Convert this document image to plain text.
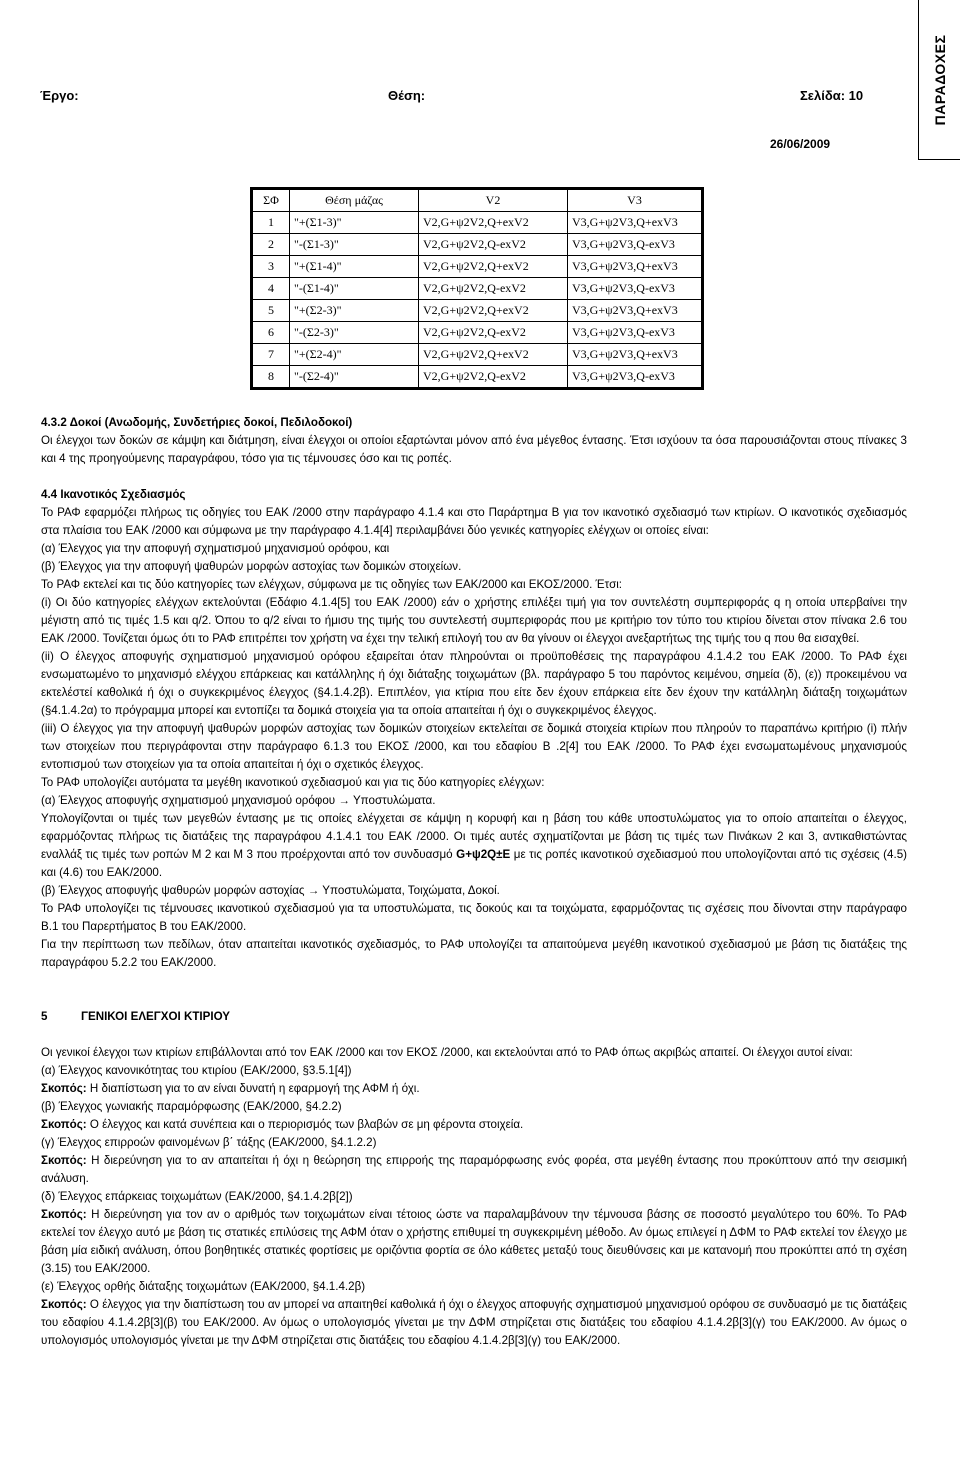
ΠΑΡΑΔΟΧΕΣ
Έργο:	Θέση:	Σελίδα: 10
26/06/2009
ΣΦ	Θέση μάζας	V2	V3
1	"+(Σ1-3)"	V2,G+ψ2V2,Q+exV2	V3,G+ψ2V3,Q+exV3
2	"-(Σ1-3)"	V2,G+ψ2V2,Q-exV2	V3,G+ψ2V3,Q-exV3
3	"+(Σ1-4)"	V2,G+ψ2V2,Q+exV2	V3,G+ψ2V3,Q+exV3
4	"-(Σ1-4)"	V2,G+ψ2V2,Q-exV2	V3,G+ψ2V3,Q-exV3
5	"+(Σ2-3)"	V2,G+ψ2V2,Q+exV2	V3,G+ψ2V3,Q+exV3
6	"-(Σ2-3)"	V2,G+ψ2V2,Q-exV2	V3,G+ψ2V3,Q-exV3
7	"+(Σ2-4)"	V2,G+ψ2V2,Q+exV2	V3,G+ψ2V3,Q+exV3
8	"-(Σ2-4)"	V2,G+ψ2V2,Q-exV2	V3,G+ψ2V3,Q-exV3
4.3.2 Δοκοί (Ανωδομής, Συνδετήριες δοκοί, Πεδιλοδοκοί)

Οι έλεγχοι των δοκών σε κάμψη και διάτμηση, είναι έλεγχοι οι οποίοι εξαρτώνται μόνον από ένα μέγεθος έντασης. Έτσι ισχύουν τα όσα παρουσιάζονται στους πίνακες 3 και 4 της προηγούμενης παραγράφου, τόσο για τις τέμνουσες όσο και τις ροπές.

4.4 Ικανοτικός Σχεδιασμός

Το ΡΑΦ εφαρμόζει πλήρως τις οδηγίες του ΕΑΚ /2000 στην παράγραφο 4.1.4 και στο Παράρτημα Β για τον ικανοτικό σχεδιασμό των κτιρίων. Ο ικανοτικός σχεδιασμός στα πλαίσια του ΕΑΚ /2000 και σύμφωνα με την παράγραφο 4.1.4[4] περιλαμβάνει δύο γενικές κατηγορίες ελέγχων οι οποίες είναι:

(α) Έλεγχος για την αποφυγή σχηματισμού μηχανισμού ορόφου, και

(β) Έλεγχος για την αποφυγή ψαθυρών μορφών αστοχίας των δομικών στοιχείων.

Το ΡΑΦ εκτελεί και τις δύο κατηγορίες των ελέγχων, σύμφωνα με τις οδηγίες των ΕΑΚ/2000 και ΕΚΟΣ/2000. Έτσι:

(i) Οι δύο κατηγορίες ελέγχων εκτελούνται (Εδάφιο 4.1.4[5] του ΕΑΚ /2000) εάν ο χρήστης επιλέξει τιμή για τον συντελέστη συμπεριφοράς q η οποία υπερβαίνει την μέγιστη από τις τιμές 1.5 και q/2. Όπου το q/2 είναι το ήμισυ της τιμής του συντελεστή συμπεριφοράς που με κριτήριο τον τύπο του κτιρίου δίνεται στον πίνακα 2.6 του ΕΑΚ /2000. Τονίζεται όμως ότι το ΡΑΦ επιτρέπει τον χρήστη να έχει την τελική επιλογή του αν θα γίνουν οι έλεγχοι ανεξαρτήτως της τιμής του q που θα εισαχθεί.

(ii) Ο έλεγχος αποφυγής σχηματισμού μηχανισμού ορόφου εξαιρείται όταν πληρούνται οι προϋποθέσεις της παραγράφου 4.1.4.2 του ΕΑΚ /2000. Το ΡΑΦ έχει ενσωματωμένο το μηχανισμό ελέγχου επάρκειας και κατάλληλης ή όχι διάταξης τοιχωμάτων (βλ. παράγραφο 5 του παρόντος κειμένου, σημεία (δ), (ε)) προκειμένου να εκτελέστεί καθολικά ή όχι ο συγκεκριμένος έλεγχος (§4.1.4.2β). Επιπλέον, για κτίρια που είτε δεν έχουν επάρκεια είτε δεν έχουν την κατάλληλη διάταξη τοιχωμάτων (§4.1.4.2α) το πρόγραμμα μπορεί και εντοπίζει τα δομικά στοιχεία για τα οποία απαιτείται ή όχι ο συγκεκριμένος έλεγχος.

(iii) Ο έλεγχος για την αποφυγή ψαθυρών μορφών αστοχίας των δομικών στοιχείων εκτελείται σε δομικά στοιχεία κτιρίων που πληρούν το παραπάνω κριτήριο (i) πλήν των στοιχείων που περιγράφονται στην παράγραφο 6.1.3 του ΕΚΟΣ /2000, και του εδαφίου Β .2[4] του ΕΑΚ /2000. Το ΡΑΦ έχει ενσωματωμένους μηχανισμούς εντοπισμού των στοιχείων για τα οποία απαιτείται ή όχι ο σχετικός έλεγχος.

Το ΡΑΦ υπολογίζει αυτόματα τα μεγέθη ικανοτικού σχεδιασμού και για τις δύο κατηγορίες ελέγχων:

(α) Έλεγχος αποφυγής σχηματισμού μηχανισμού ορόφου → Υποστυλώματα.

Υπολογίζονται οι τιμές των μεγεθών έντασης με τις οποίες ελέγχεται σε κάμψη η κορυφή και η βάση του κάθε υποστυλώματος για το οποίο απαιτείται ο έλεγχος, εφαρμόζοντας πλήρως τις διατάξεις της παραγράφου 4.1.4.1 του ΕΑΚ /2000. Οι τιμές αυτές σχηματίζονται με βάση τις τιμές των Πινάκων 2 και 3, αντικαθιστώντας εναλλάξ τις τιμές των ροπών Μ 2 και Μ 3 που προέρχονται από τον συνδυασμό G+ψ2Q±E με τις ροπές ικανοτικού σχεδιασμού που υπολογίζονται από τις σχέσεις (4.5) και (4.6) του ΕΑΚ/2000.

(β) Έλεγχος αποφυγής ψαθυρών μορφών αστοχίας → Υποστυλώματα, Τοιχώματα, Δοκοί.

Το ΡΑΦ υπολογίζει τις τέμνουσες ικανοτικού σχεδιασμού για τα υποστυλώματα, τις δοκούς και τα τοιχώματα, εφαρμόζοντας τις σχέσεις που δίνονται στην παράγραφο Β.1 του Παρερτήματος Β του ΕΑΚ/2000.

Για την περίπτωση των πεδίλων, όταν απαιτείται ικανοτικός σχεδιασμός, το ΡΑΦ υπολογίζει τα απαιτούμενα μεγέθη ικανοτικού σχεδιασμού με βάση τις διατάξεις της παραγράφου 5.2.2 του ΕΑΚ/2000.

5	ΓΕΝΙΚΟΙ ΕΛΕΓΧΟΙ ΚΤΙΡΙΟΥ

Οι γενικοί έλεγχοι των κτιρίων επιβάλλονται από τον ΕΑΚ /2000 και τον ΕΚΟΣ /2000, και εκτελούνται από το ΡΑΦ όπως ακριβώς απαιτεί. Οι έλεγχοι αυτοί είναι:

(α) Έλεγχος κανονικότητας του κτιρίου (ΕΑΚ/2000, §3.5.1[4])

Σκοπός: Η διαπίστωση για το αν είναι δυνατή η εφαρμογή της ΑΦΜ ή όχι.

(β) Έλεγχος γωνιακής παραμόρφωσης (ΕΑΚ/2000, §4.2.2)

Σκοπός: Ο έλεγχος και κατά συνέπεια και ο περιορισμός των βλαβών σε μη φέροντα στοιχεία.

(γ) Έλεγχος επιρροών φαινομένων β΄ τάξης (ΕΑΚ/2000, §4.1.2.2)

Σκοπός: Η διερεύνηση για το αν απαιτείται ή όχι η θεώρηση της επιρροής της παραμόρφωσης ενός φορέα, στα μεγέθη έντασης που προκύπτουν από την σεισμική ανάλυση.

(δ) Έλεγχος επάρκειας τοιχωμάτων (ΕΑΚ/2000, §4.1.4.2β[2])

Σκοπός: Η διερεύνηση για τον αν ο αριθμός των τοιχωμάτων είναι τέτοιος ώστε να παραλαμβάνουν την τέμνουσα βάσης σε ποσοστό μεγαλύτερο του 60%. Το ΡΑΦ εκτελεί τον έλεγχο αυτό με βάση τις στατικές επιλύσεις της ΑΦΜ όταν ο χρήστης επιθυμεί τη συγκεκριμένη μέθοδο. Αν όμως επιλεγεί η ΔΦΜ το ΡΑΦ εκτελεί τον έλεγχο με βάση μία ειδική ανάλυση, όπου βοηθητικές στατικές φορτίσεις με οριζόντια φορτία σε όλο κάθετες μεταξύ τους διευθύνσεις και με κατανομή που προκύπτει από τη σχέση (3.15) του ΕΑΚ/2000.

(ε) Έλεγχος ορθής διάταξης τοιχωμάτων (ΕΑΚ/2000, §4.1.4.2β)

Σκοπός: Ο έλεγχος για την διαπίστωση του αν μπορεί να απαιτηθεί καθολικά ή όχι ο έλεγχος αποφυγής σχηματισμού μηχανισμού ορόφου σε συνδυασμό με τις διατάξεις του εδαφίου 4.1.4.2β[3](β) του ΕΑΚ/2000. Αν όμως ο υπολογισμός γίνεται με την ΔΦΜ στηρίζεται στις διατάξεις του εδαφίου 4.1.4.2β[3](γ) του ΕΑΚ/2000. Αν όμως ο υπολογισμός υπολογισμός γίνεται με την ΔΦΜ στηρίζεται στις διατάξεις του εδαφίου 4.1.4.2β[3](γ) του ΕΑΚ/2000.
